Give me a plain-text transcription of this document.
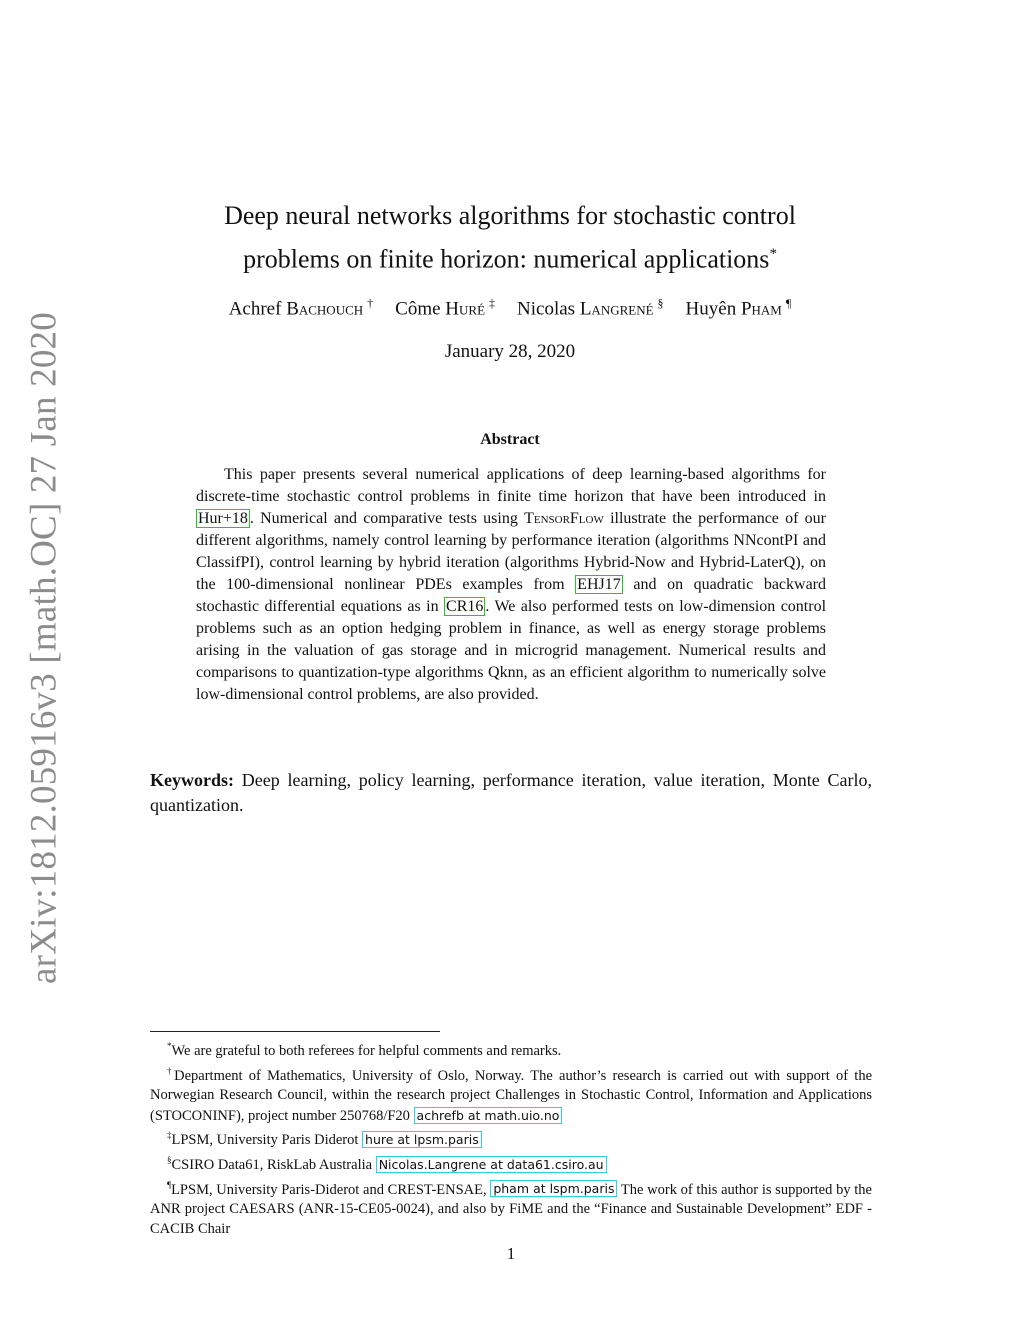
arXiv:1812.05916v3 [math.OC] 27 Jan 2020
Deep neural networks algorithms for stochastic control
problems on finite horizon: numerical applications*
Achref Bachouch † Côme Huré ‡ Nicolas Langrené § Huyên Pham ¶
January 28, 2020
Abstract

This paper presents several numerical applications of deep learning-based algorithms for discrete-time stochastic control problems in finite time horizon that have been introduced in Hur+18 . Numerical and comparative tests using TensorFlow illustrate the performance of our different algorithms, namely control learning by performance iteration (algorithms NNcontPI and ClassifPI), control learning by hybrid iteration (algorithms Hybrid-Now and Hybrid-LaterQ), on the 100-dimensional nonlinear PDEs examples from EHJ17 and on quadratic backward stochastic differential equations as in CR16 . We also performed tests on low-dimension control problems such as an option hedging problem in finance, as well as energy storage problems arising in the valuation of gas storage and in microgrid management. Numerical results and comparisons to quantization-type algorithms Qknn, as an efficient algorithm to numerically solve low-dimensional control problems, are also provided.

Keywords: Deep learning, policy learning, performance iteration, value iteration, Monte Carlo, quantization.

*We are grateful to both referees for helpful comments and remarks.

†Department of Mathematics, University of Oslo, Norway. The author’s research is carried out with support of the Norwegian Research Council, within the research project Challenges in Stochastic Control, Information and Applications (STOCONINF), project number 250768/F20 achrefb at math.uio.no

‡LPSM, University Paris Diderot hure at lpsm.paris

§CSIRO Data61, RiskLab Australia Nicolas.Langrene at data61.csiro.au

¶LPSM, University Paris-Diderot and CREST-ENSAE, pham at lspm.paris The work of this author is supported by the ANR project CAESARS (ANR-15-CE05-0024), and also by FiME and the “Finance and Sustainable Development” EDF - CACIB Chair

1
